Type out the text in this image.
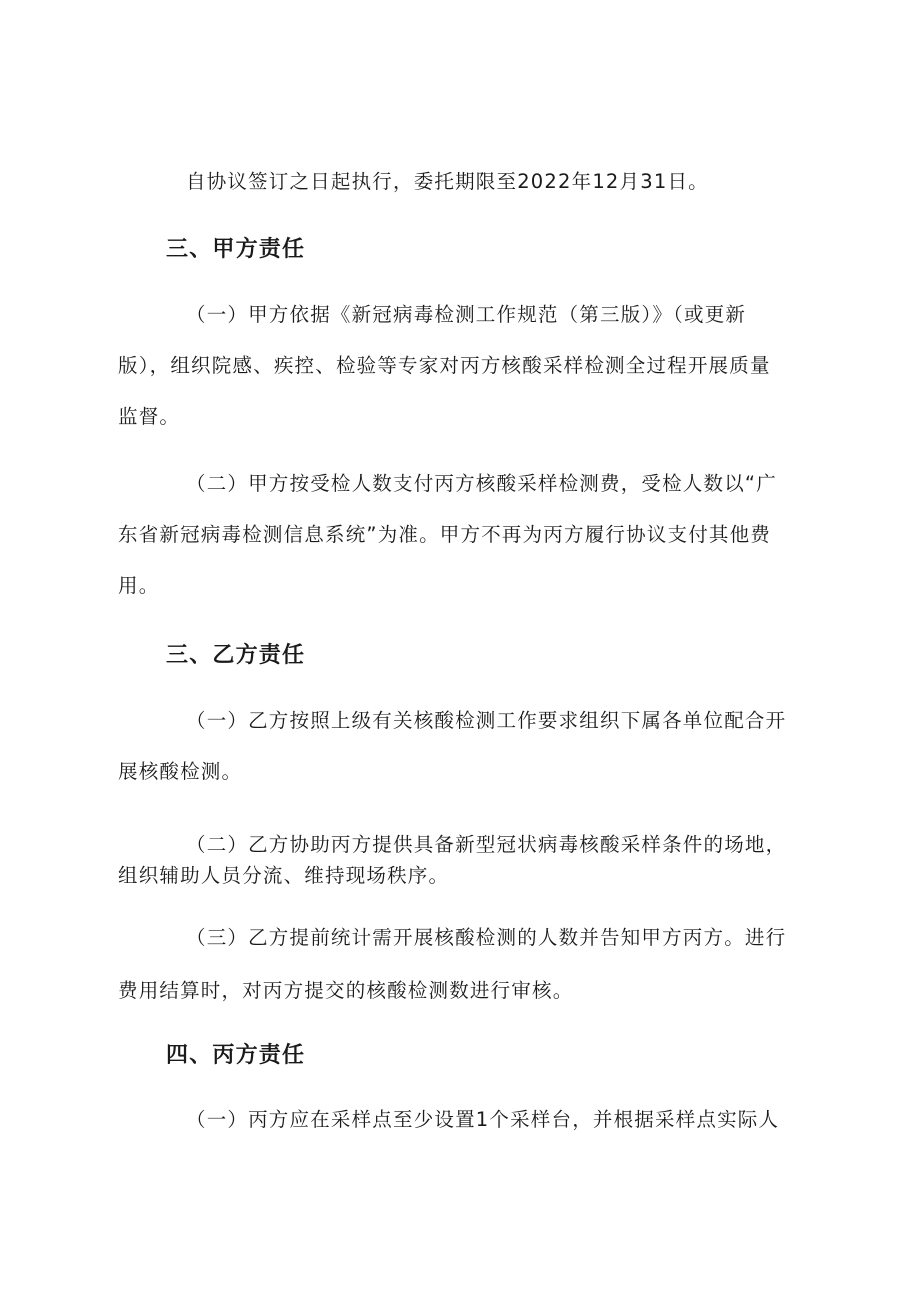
自协议签订之日起执行，委托期限至2022年12月31日。
三、甲方责任
（一）甲方依据《新冠病毒检测工作规范（第三版）》（或更新
版），组织院感、疾控、检验等专家对丙方核酸采样检测全过程开展质量
监督。
（二）甲方按受检人数支付丙方核酸采样检测费，受检人数以“广
东省新冠病毒检测信息系统”为准。甲方不再为丙方履行协议支付其他费
用。
三、乙方责任
（一）乙方按照上级有关核酸检测工作要求组织下属各单位配合开
展核酸检测。
（二）乙方协助丙方提供具备新型冠状病毒核酸采样条件的场地，
组织辅助人员分流、维持现场秩序。
（三）乙方提前统计需开展核酸检测的人数并告知甲方丙方。进行
费用结算时，对丙方提交的核酸检测数进行审核。
四、丙方责任
（一）丙方应在采样点至少设置1个采样台，并根据采样点实际人
